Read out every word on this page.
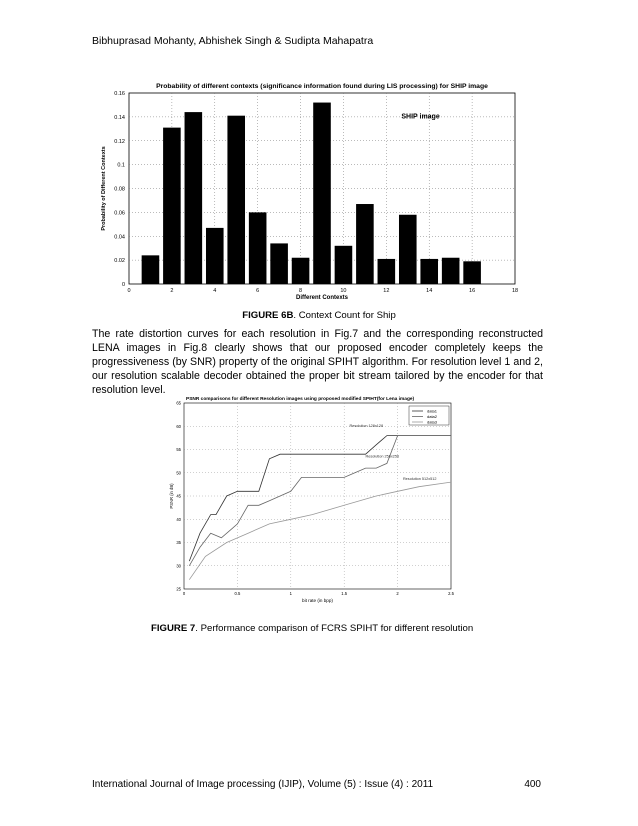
Bibhuprasad Mohanty, Abhishek Singh & Sudipta Mahapatra
0
0.02
0.04
0.06
0.08
0.1
0.12
0.14
0.16
0	2	4	6	8	10	12	14	16	18
Probability of different contexts (significance information found during LIS processing) for SHIP image
Different Contexts
Probability of Different Contexts
SHIP image
FIGURE 6B. Context Count for Ship
The rate distortion curves for each resolution in Fig.7 and the corresponding reconstructed LENA images in Fig.8 clearly shows that our proposed encoder completely keeps the progressiveness (by SNR) property of the original SPIHT algorithm. For resolution level 1 and 2, our resolution scalable decoder obtained the proper bit stream tailored by the encoder for that resolution level.
25
30
35
40
45
50
55
60
65
0	0.5	1	1.5	2	2.5
Resolution 128x128
Resolution 256x256
Resolution 512x512
data1
data2
data3
PSNR comparisons for different Resolution images using proposed modified SPIHT(for Lena image)
bit rate (in bpp)
PSNR (in dB)
FIGURE 7. Performance comparison of FCRS SPIHT for different resolution
International Journal of Image processing (IJIP), Volume (5) : Issue (4) : 2011	400
